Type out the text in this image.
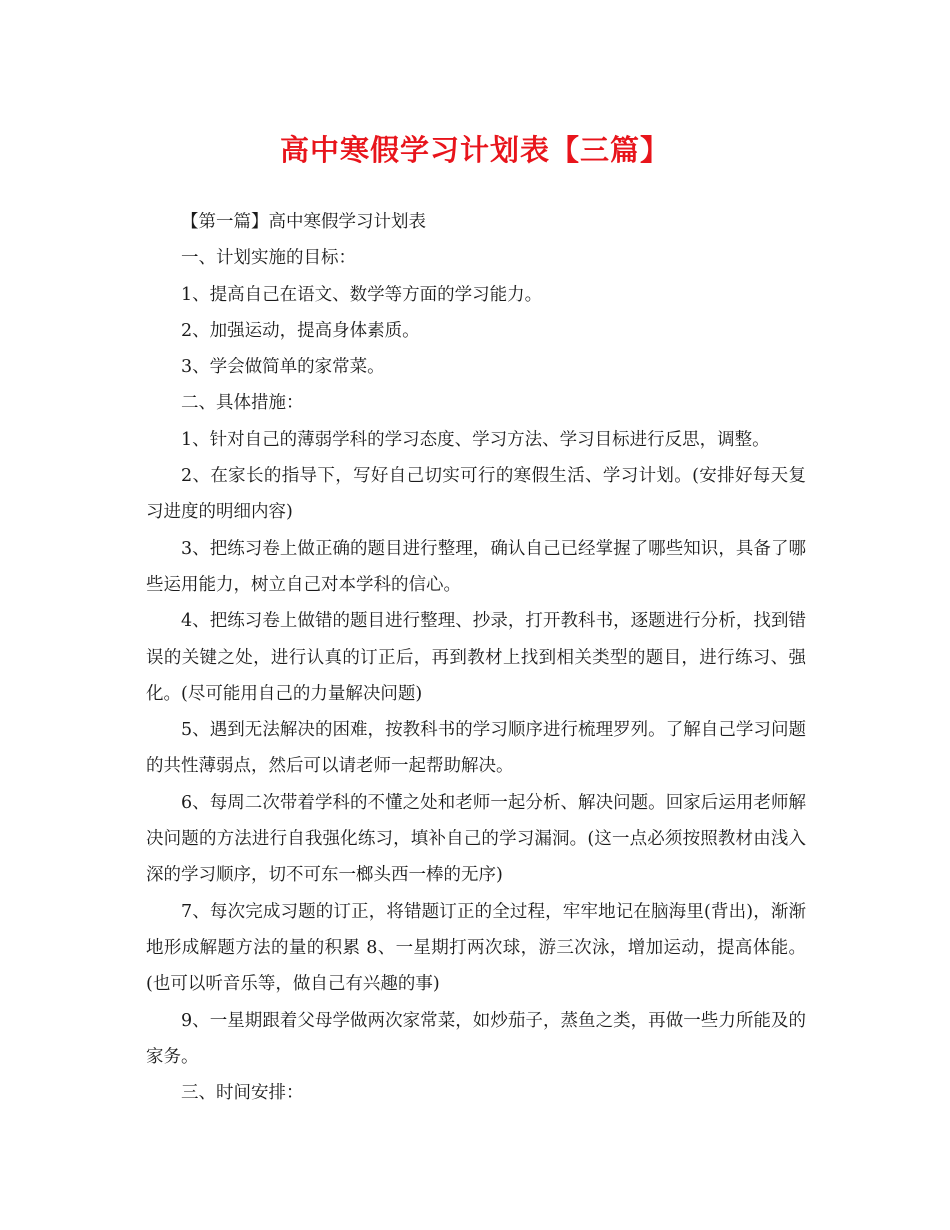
高中寒假学习计划表【三篇】

【第一篇】高中寒假学习计划表

一、计划实施的目标：

1、提高自己在语文、数学等方面的学习能力。

2、加强运动，提高身体素质。

3、学会做简单的家常菜。

二、具体措施：

1、针对自己的薄弱学科的学习态度、学习方法、学习目标进行反思，调整。

2、在家长的指导下，写好自己切实可行的寒假生活、学习计划。(安排好每天复习进度的明细内容)

3、把练习卷上做正确的题目进行整理，确认自己已经掌握了哪些知识，具备了哪些运用能力，树立自己对本学科的信心。

4、把练习卷上做错的题目进行整理、抄录，打开教科书，逐题进行分析，找到错误的关键之处，进行认真的订正后，再到教材上找到相关类型的题目，进行练习、强化。(尽可能用自己的力量解决问题)

5、遇到无法解决的困难，按教科书的学习顺序进行梳理罗列。了解自己学习问题的共性薄弱点，然后可以请老师一起帮助解决。

6、每周二次带着学科的不懂之处和老师一起分析、解决问题。回家后运用老师解决问题的方法进行自我强化练习，填补自己的学习漏洞。(这一点必须按照教材由浅入深的学习顺序，切不可东一榔头西一棒的无序)

7、每次完成习题的订正，将错题订正的全过程，牢牢地记在脑海里(背出)，渐渐地形成解题方法的量的积累 8、一星期打两次球，游三次泳，增加运动，提高体能。(也可以听音乐等，做自己有兴趣的事)

9、一星期跟着父母学做两次家常菜，如炒茄子，蒸鱼之类，再做一些力所能及的家务。

三、时间安排：
